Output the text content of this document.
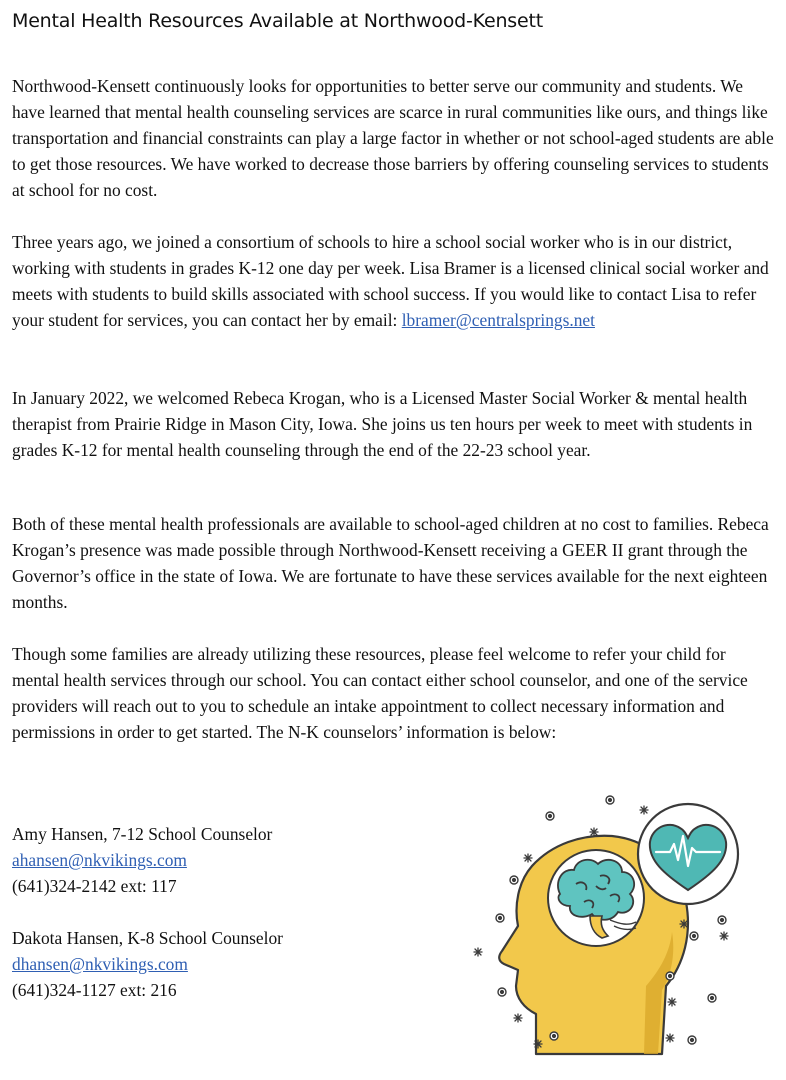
Mental Health Resources Available at Northwood-Kensett

Northwood-Kensett continuously looks for opportunities to better serve our community and students. We have learned that mental health counseling services are scarce in rural communities like ours, and things like transportation and financial constraints can play a large factor in whether or not school-aged students are able to get those resources. We have worked to decrease those barriers by offering counseling services to students at school for no cost.

Three years ago, we joined a consortium of schools to hire a school social worker who is in our district, working with students in grades K-12 one day per week. Lisa Bramer is a licensed clinical social worker and meets with students to build skills associated with school success. If you would like to contact Lisa to refer your student for services, you can contact her by email: lbramer@centralsprings.net

In January 2022, we welcomed Rebeca Krogan, who is a Licensed Master Social Worker & mental health therapist from Prairie Ridge in Mason City, Iowa. She joins us ten hours per week to meet with students in grades K-12 for mental health counseling through the end of the 22-23 school year.

Both of these mental health professionals are available to school-aged children at no cost to families. Rebeca Krogan’s presence was made possible through Northwood-Kensett receiving a GEER II grant through the Governor’s office in the state of Iowa. We are fortunate to have these services available for the next eighteen months.

Though some families are already utilizing these resources, please feel welcome to refer your child for mental health services through our school. You can contact either school counselor, and one of the service providers will reach out to you to schedule an intake appointment to collect necessary information and permissions in order to get started. The N-K counselors’ information is below:

Amy Hansen, 7-12 School Counselor
ahansen@nkvikings.com
(641)324-2142 ext: 117
Dakota Hansen, K-8 School Counselor
dhansen@nkvikings.com
(641)324-1127 ext: 216
